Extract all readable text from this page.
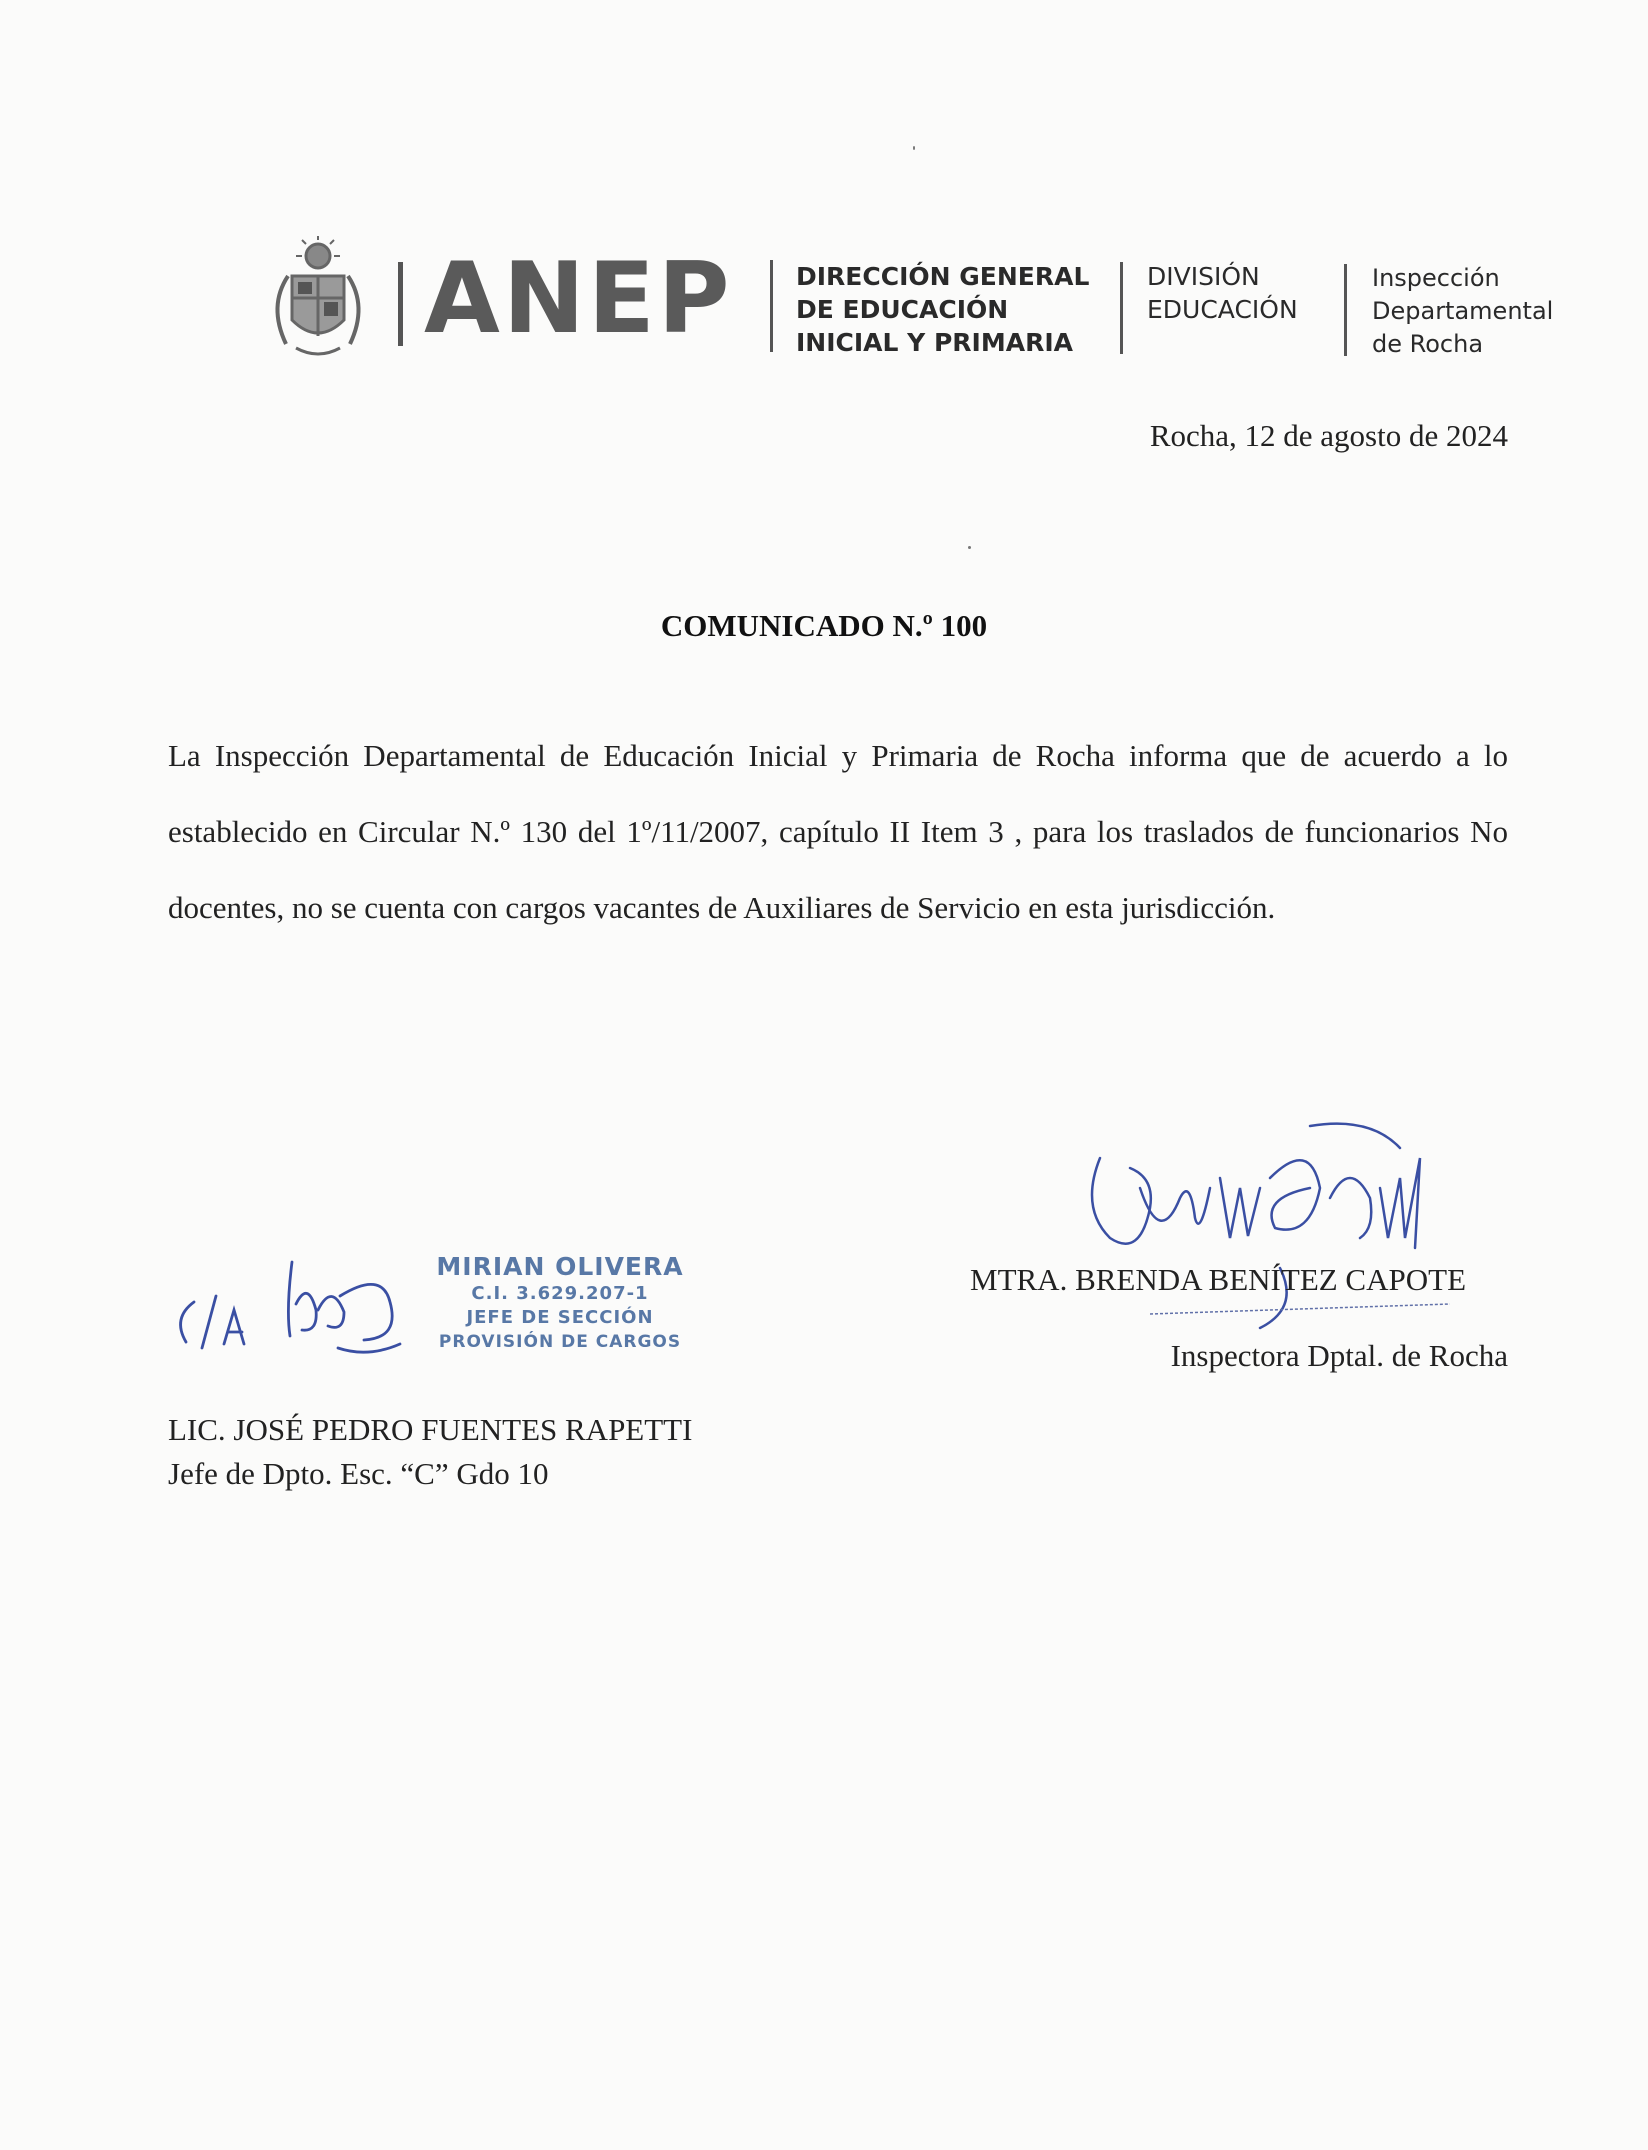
ANEP	DIRECCIÓN GENERAL
DE EDUCACIÓN
INICIAL Y PRIMARIA
DIVISIÓN
EDUCACIÓN
Inspección
Departamental
de Rocha
Rocha, 12 de agosto de 2024
COMUNICADO N.º 100
La Inspección Departamental de Educación Inicial y Primaria de Rocha informa que de acuerdo a lo establecido en Circular N.º 130 del 1º/11/2007, capítulo II Item 3 , para los traslados de funcionarios No docentes, no se cuenta con cargos vacantes de Auxiliares de Servicio en esta jurisdicción.
MTRA. BRENDA BENÍTEZ CAPOTE
Inspectora Dptal. de Rocha
MIRIAN OLIVERA
C.I. 3.629.207-1
JEFE DE SECCIÓN
PROVISIÓN DE CARGOS
LIC. JOSÉ PEDRO FUENTES RAPETTI
Jefe de Dpto. Esc. “C” Gdo 10
